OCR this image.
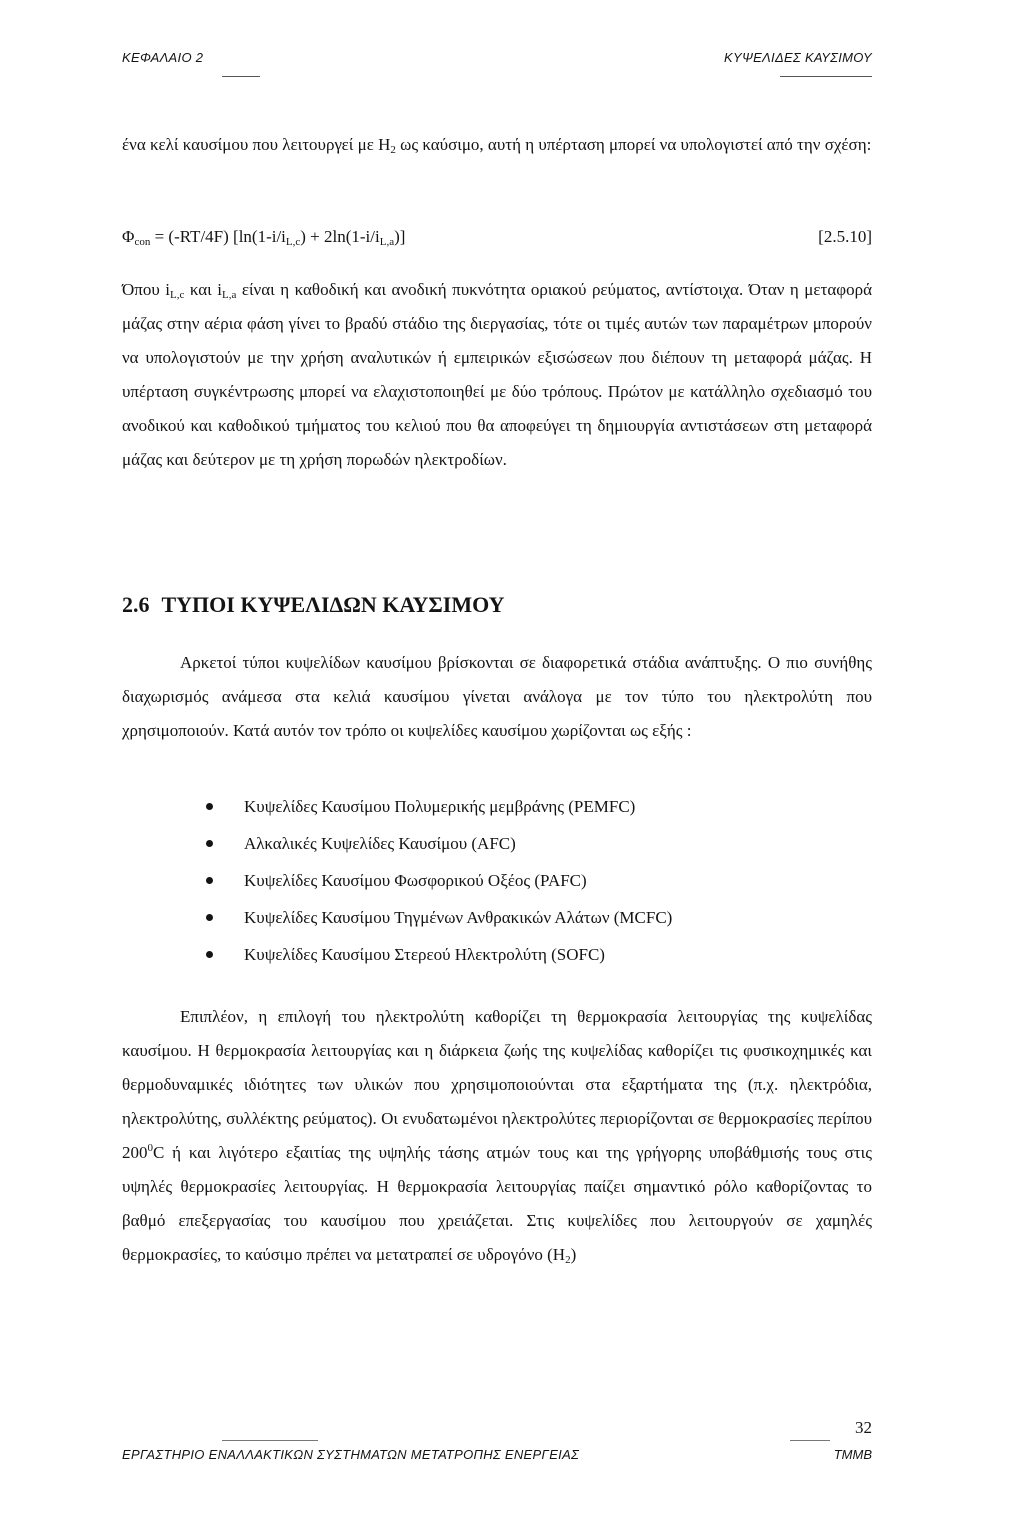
ΚΕΦΑΛΑΙΟ 2	ΚΥΨΕΛΙΔΕΣ ΚΑΥΣΙΜΟΥ

ένα κελί καυσίμου που λειτουργεί με $H_2$ ως καύσιμο, αυτή η υπέρταση μπορεί να υπολογιστεί από την σχέση:

$\Phi_{con} = (-RT/4F) [\ln(1-i/i_{L,c}) + 2\ln(1-i/i_{L,a})]$	[2.5.10]

Όπου $i_{L,c}$ και $i_{L,a}$ είναι η καθοδική και ανοδική πυκνότητα οριακού ρεύματος, αντίστοιχα. Όταν η μεταφορά μάζας στην αέρια φάση γίνει το βραδύ στάδιο της διεργασίας, τότε οι τιμές αυτών των παραμέτρων μπορούν να υπολογιστούν με την χρήση αναλυτικών ή εμπειρικών εξισώσεων που διέπουν τη μεταφορά μάζας. Η υπέρταση συγκέντρωσης μπορεί να ελαχιστοποιηθεί με δύο τρόπους. Πρώτον με κατάλληλο σχεδιασμό του ανοδικού και καθοδικού τμήματος του κελιού που θα αποφεύγει τη δημιουργία αντιστάσεων στη μεταφορά μάζας και δεύτερον με τη χρήση πορωδών ηλεκτροδίων.

2.6 ΤΥΠΟΙ ΚΥΨΕΛΙΔΩΝ ΚΑΥΣΙΜΟΥ

Αρκετοί τύποι κυψελίδων καυσίμου βρίσκονται σε διαφορετικά στάδια ανάπτυξης. Ο πιο συνήθης διαχωρισμός ανάμεσα στα κελιά καυσίμου γίνεται ανάλογα με τον τύπο του ηλεκτρολύτη που χρησιμοποιούν. Κατά αυτόν τον τρόπο οι κυψελίδες καυσίμου χωρίζονται ως εξής :

Κυψελίδες Καυσίμου Πολυμερικής μεμβράνης (PEMFC)
Αλκαλικές Κυψελίδες Καυσίμου (AFC)
Κυψελίδες Καυσίμου Φωσφορικού Οξέος (PAFC)
Κυψελίδες Καυσίμου Τηγμένων Ανθρακικών Αλάτων (MCFC)
Κυψελίδες Καυσίμου Στερεού Ηλεκτρολύτη (SOFC)

Επιπλέον, η επιλογή του ηλεκτρολύτη καθορίζει τη θερμοκρασία λειτουργίας της κυψελίδας καυσίμου. Η θερμοκρασία λειτουργίας και η διάρκεια ζωής της κυψελίδας καθορίζει τις φυσικοχημικές και θερμοδυναμικές ιδιότητες των υλικών που χρησιμοποιούνται στα εξαρτήματα της (π.χ. ηλεκτρόδια, ηλεκτρολύτης, συλλέκτης ρεύματος). Οι ενυδατωμένοι ηλεκτρολύτες περιορίζονται σε θερμοκρασίες περίπου $200^0C$ ή και λιγότερο εξαιτίας της υψηλής τάσης ατμών τους και της γρήγορης υποβάθμισής τους στις υψηλές θερμοκρασίες λειτουργίας. Η θερμοκρασία λειτουργίας παίζει σημαντικό ρόλο καθορίζοντας το βαθμό επεξεργασίας του καυσίμου που χρειάζεται. Στις κυψελίδες που λειτουργούν σε χαμηλές θερμοκρασίες, το καύσιμο πρέπει να μετατραπεί σε υδρογόνο $(H_2)$

32
ΕΡΓΑΣΤΗΡΙΟ ΕΝΑΛΛΑΚΤΙΚΩΝ ΣΥΣΤΗΜΑΤΩΝ ΜΕΤΑΤΡΟΠΗΣ ΕΝΕΡΓΕΙΑΣ	ΤΜΜΒ
